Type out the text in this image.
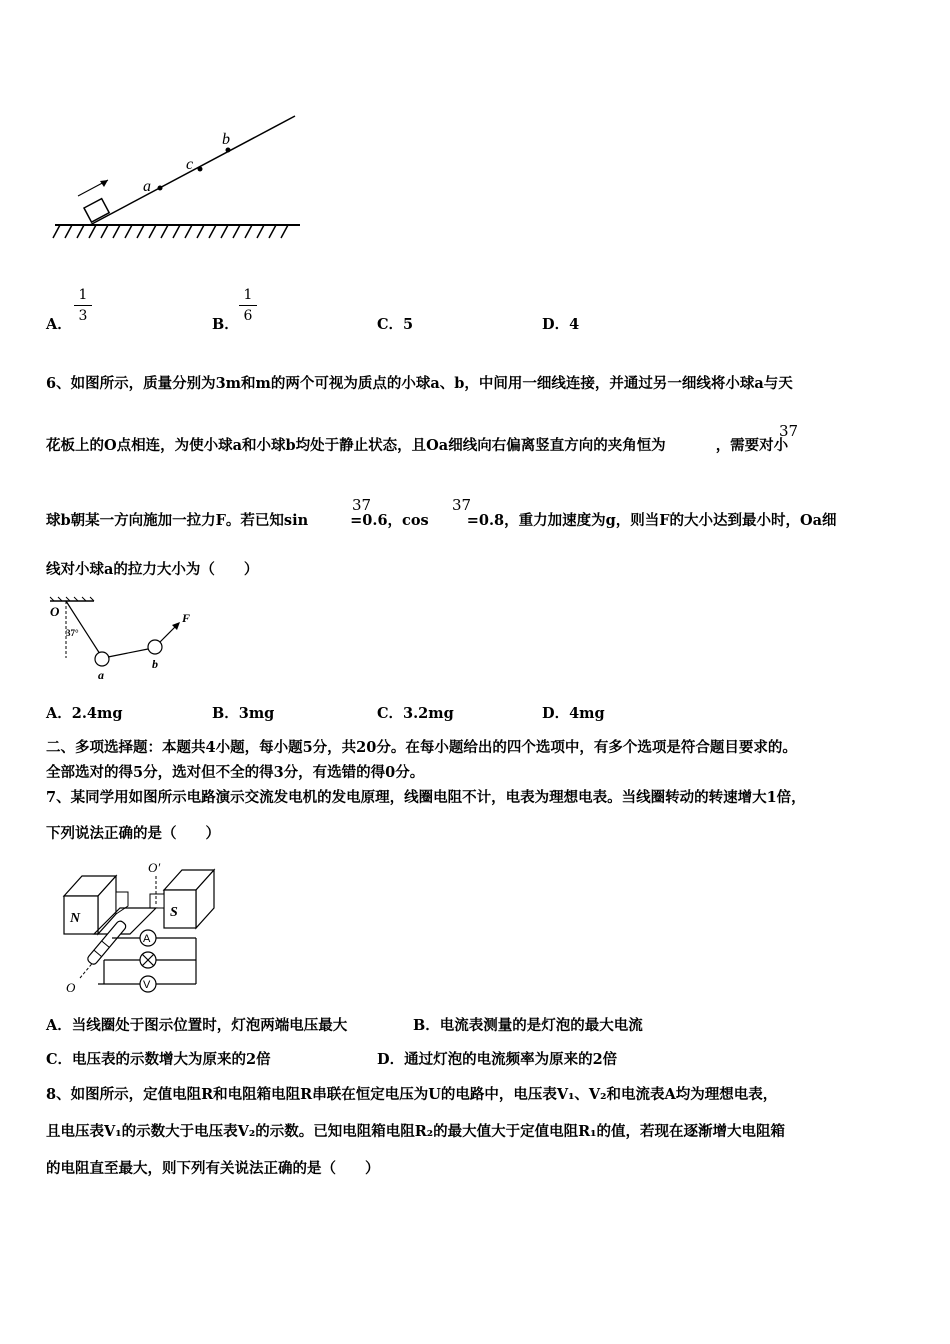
a
c
b
A．
1
3	B．
1
6	C．5	D．4
6、如图所示，质量分别为3m和m的两个可视为质点的小球a、b，中间用一细线连接，并通过另一细线将小球a与天
花板上的O点相连，为使小球a和小球b均处于静止状态，且Oa细线向右偏离竖直方向的夹角恒为	，需要对小
37
球b朝某一方向施加一拉力F。若已知sin	=0.6，cos	=0.8，重力加速度为g，则当F的大小达到最小时，Oa细
37	37
线对小球a的拉力大小为（　　）
O
37°
a
b
F
A．2.4mg	B．3mg	C．3.2mg	D．4mg
二、多项选择题：本题共4小题，每小题5分，共20分。在每小题给出的四个选项中，有多个选项是符合题目要求的。
全部选对的得5分，选对但不全的得3分，有选错的得0分。
7、某同学用如图所示电路演示交流发电机的发电原理，线圈电阻不计，电表为理想电表。当线圈转动的转速增大1倍，
下列说法正确的是（　　）
A
V
N	S
O′
O
A．当线圈处于图示位置时，灯泡两端电压最大	B．电流表测量的是灯泡的最大电流
C．电压表的示数增大为原来的2倍	D．通过灯泡的电流频率为原来的2倍
8、如图所示，定值电阻R和电阻箱电阻R串联在恒定电压为U的电路中，电压表V₁、V₂和电流表A均为理想电表，
且电压表V₁的示数大于电压表V₂的示数。已知电阻箱电阻R₂的最大值大于定值电阻R₁的值，若现在逐渐增大电阻箱
的电阻直至最大，则下列有关说法正确的是（　　）
